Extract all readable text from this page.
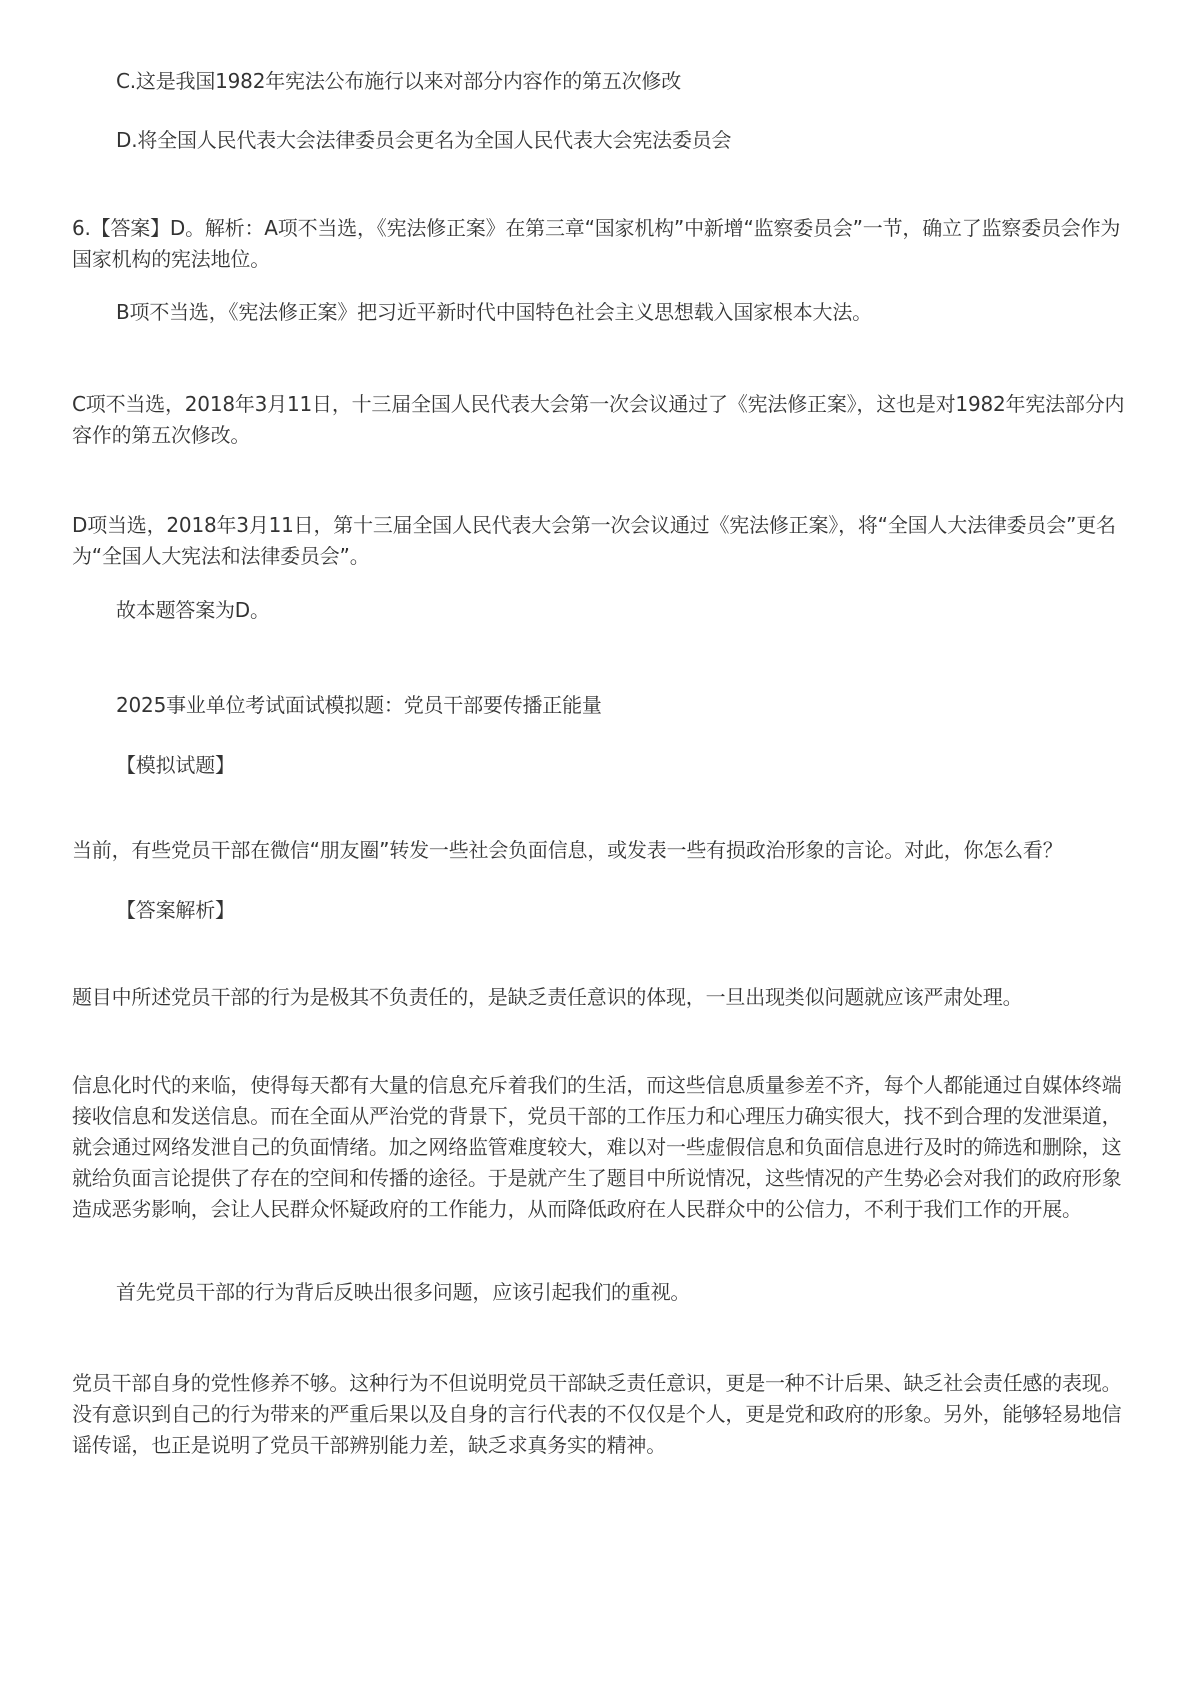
C.这是我国1982年宪法公布施行以来对部分内容作的第五次修改

D.将全国人民代表大会法律委员会更名为全国人民代表大会宪法委员会

6.【答案】D。解析：A项不当选，《宪法修正案》在第三章“国家机构”中新增“监察委员会”一节，确立了监察委员会作为国家机构的宪法地位。

B项不当选，《宪法修正案》把习近平新时代中国特色社会主义思想载入国家根本大法。

C项不当选，2018年3月11日，十三届全国人民代表大会第一次会议通过了《宪法修正案》，这也是对1982年宪法部分内容作的第五次修改。

D项当选，2018年3月11日，第十三届全国人民代表大会第一次会议通过《宪法修正案》，将“全国人大法律委员会”更名为“全国人大宪法和法律委员会”。

故本题答案为D。

2025事业单位考试面试模拟题：党员干部要传播正能量

【模拟试题】

当前，有些党员干部在微信“朋友圈”转发一些社会负面信息，或发表一些有损政治形象的言论。对此，你怎么看？

【答案解析】

题目中所述党员干部的行为是极其不负责任的，是缺乏责任意识的体现，一旦出现类似问题就应该严肃处理。

信息化时代的来临，使得每天都有大量的信息充斥着我们的生活，而这些信息质量参差不齐，每个人都能通过自媒体终端接收信息和发送信息。而在全面从严治党的背景下，党员干部的工作压力和心理压力确实很大，找不到合理的发泄渠道，就会通过网络发泄自己的负面情绪。加之网络监管难度较大，难以对一些虚假信息和负面信息进行及时的筛选和删除，这就给负面言论提供了存在的空间和传播的途径。于是就产生了题目中所说情况，这些情况的产生势必会对我们的政府形象造成恶劣影响，会让人民群众怀疑政府的工作能力，从而降低政府在人民群众中的公信力，不利于我们工作的开展。

首先党员干部的行为背后反映出很多问题，应该引起我们的重视。

党员干部自身的党性修养不够。这种行为不但说明党员干部缺乏责任意识，更是一种不计后果、缺乏社会责任感的表现。没有意识到自己的行为带来的严重后果以及自身的言行代表的不仅仅是个人，更是党和政府的形象。另外，能够轻易地信谣传谣，也正是说明了党员干部辨别能力差，缺乏求真务实的精神。
